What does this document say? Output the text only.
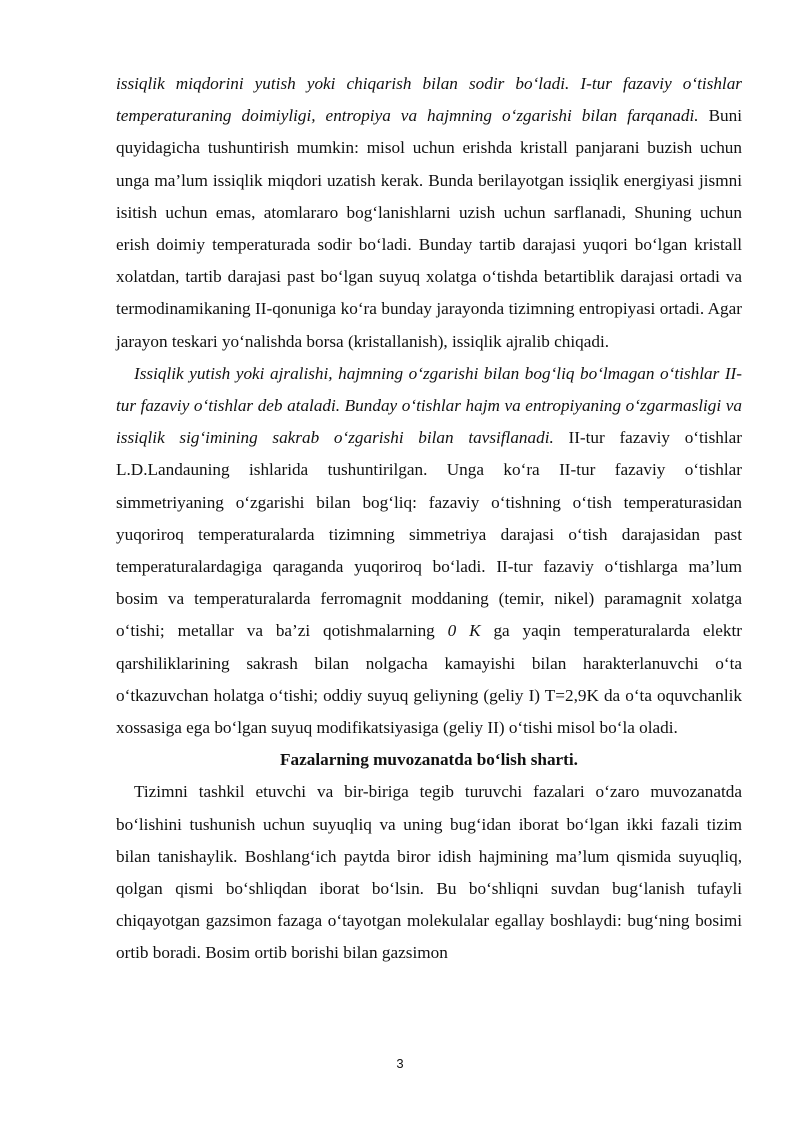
issiqlik miqdorini yutish yoki chiqarish bilan sodir bo‘ladi. I-tur fazaviy o‘tishlar temperaturaning doimiyligi, entropiya va hajmning o‘zgarishi bilan farqanadi. Buni quyidagicha tushuntirish mumkin: misol uchun erishda kristall panjarani buzish uchun unga ma’lum issiqlik miqdori uzatish kerak. Bunda berilayotgan issiqlik energiyasi jismni isitish uchun emas, atomlararo bog‘lanishlarni uzish uchun sarflanadi, Shuning uchun erish doimiy temperaturada sodir bo‘ladi. Bunday tartib darajasi yuqori bo‘lgan kristall xolatdan, tartib darajasi past bo‘lgan suyuq xolatga o‘tishda betartiblik darajasi ortadi va termodinamikaning II-qonuniga ko‘ra bunday jarayonda tizimning entropiyasi ortadi. Agar jarayon teskari yo‘nalishda borsa (kristallanish), issiqlik ajralib chiqadi.

Issiqlik yutish yoki ajralishi, hajmning o‘zgarishi bilan bog‘liq bo‘lmagan o‘tishlar II-tur fazaviy o‘tishlar deb ataladi. Bunday o‘tishlar hajm va entropiyaning o‘zgarmasligi va issiqlik sig‘imining sakrab o‘zgarishi bilan tavsiflanadi. II-tur fazaviy o‘tishlar L.D.Landauning ishlarida tushuntirilgan. Unga ko‘ra II-tur fazaviy o‘tishlar simmetriyaning o‘zgarishi bilan bog‘liq: fazaviy o‘tishning o‘tish temperaturasidan yuqoriroq temperaturalarda tizimning simmetriya darajasi o‘tish darajasidan past temperaturalardagiga qaraganda yuqoriroq bo‘ladi. II-tur fazaviy o‘tishlarga ma’lum bosim va temperaturalarda ferromagnit moddaning (temir, nikel) paramagnit xolatga o‘tishi; metallar va ba’zi qotishmalarning 0 K ga yaqin temperaturalarda elektr qarshiliklarining sakrash bilan nolgacha kamayishi bilan harakterlanuvchi o‘ta o‘tkazuvchan holatga o‘tishi; oddiy suyuq geliyning (geliy I) T=2,9K da o‘ta oquvchanlik xossasiga ega bo‘lgan suyuq modifikatsiyasiga (geliy II) o‘tishi misol bo‘la oladi.

Fazalarning muvozanatda bo‘lish sharti.

Tizimni tashkil etuvchi va bir-biriga tegib turuvchi fazalari o‘zaro muvozanatda bo‘lishini tushunish uchun suyuqliq va uning bug‘idan iborat bo‘lgan ikki fazali tizim bilan tanishaylik. Boshlang‘ich paytda biror idish hajmining ma’lum qismida suyuqliq, qolgan qismi bo‘shliqdan iborat bo‘lsin. Bu bo‘shliqni suvdan bug‘lanish tufayli chiqayotgan gazsimon fazaga o‘tayotgan molekulalar egallay boshlaydi: bug‘ning bosimi ortib boradi. Bosim ortib borishi bilan gazsimon

3
